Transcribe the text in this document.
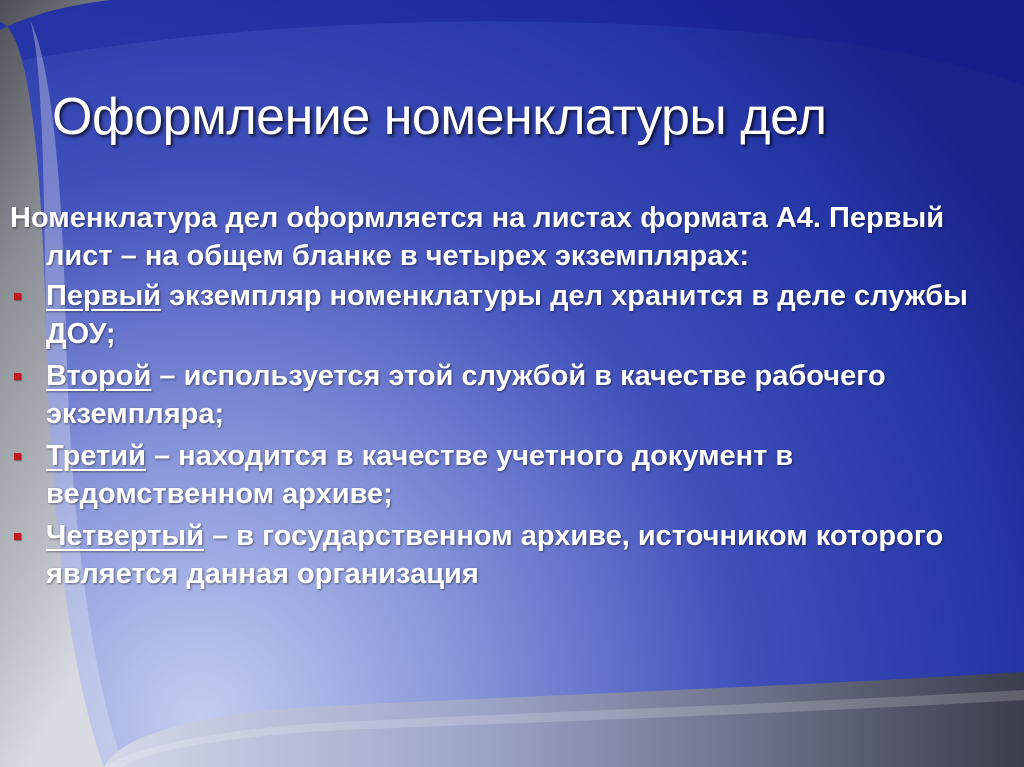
Оформление номенклатуры дел

Номенклатура дел оформляется на листах формата А4. Первый лист – на общем бланке в четырех экземплярах:

Первый экземпляр номенклатуры дел хранится в деле службы ДОУ;
Второй – используется этой службой в качестве рабочего экземпляра;
Третий – находится в качестве учетного документ в ведомственном архиве;
Четвертый – в государственном архиве, источником которого является данная организация
